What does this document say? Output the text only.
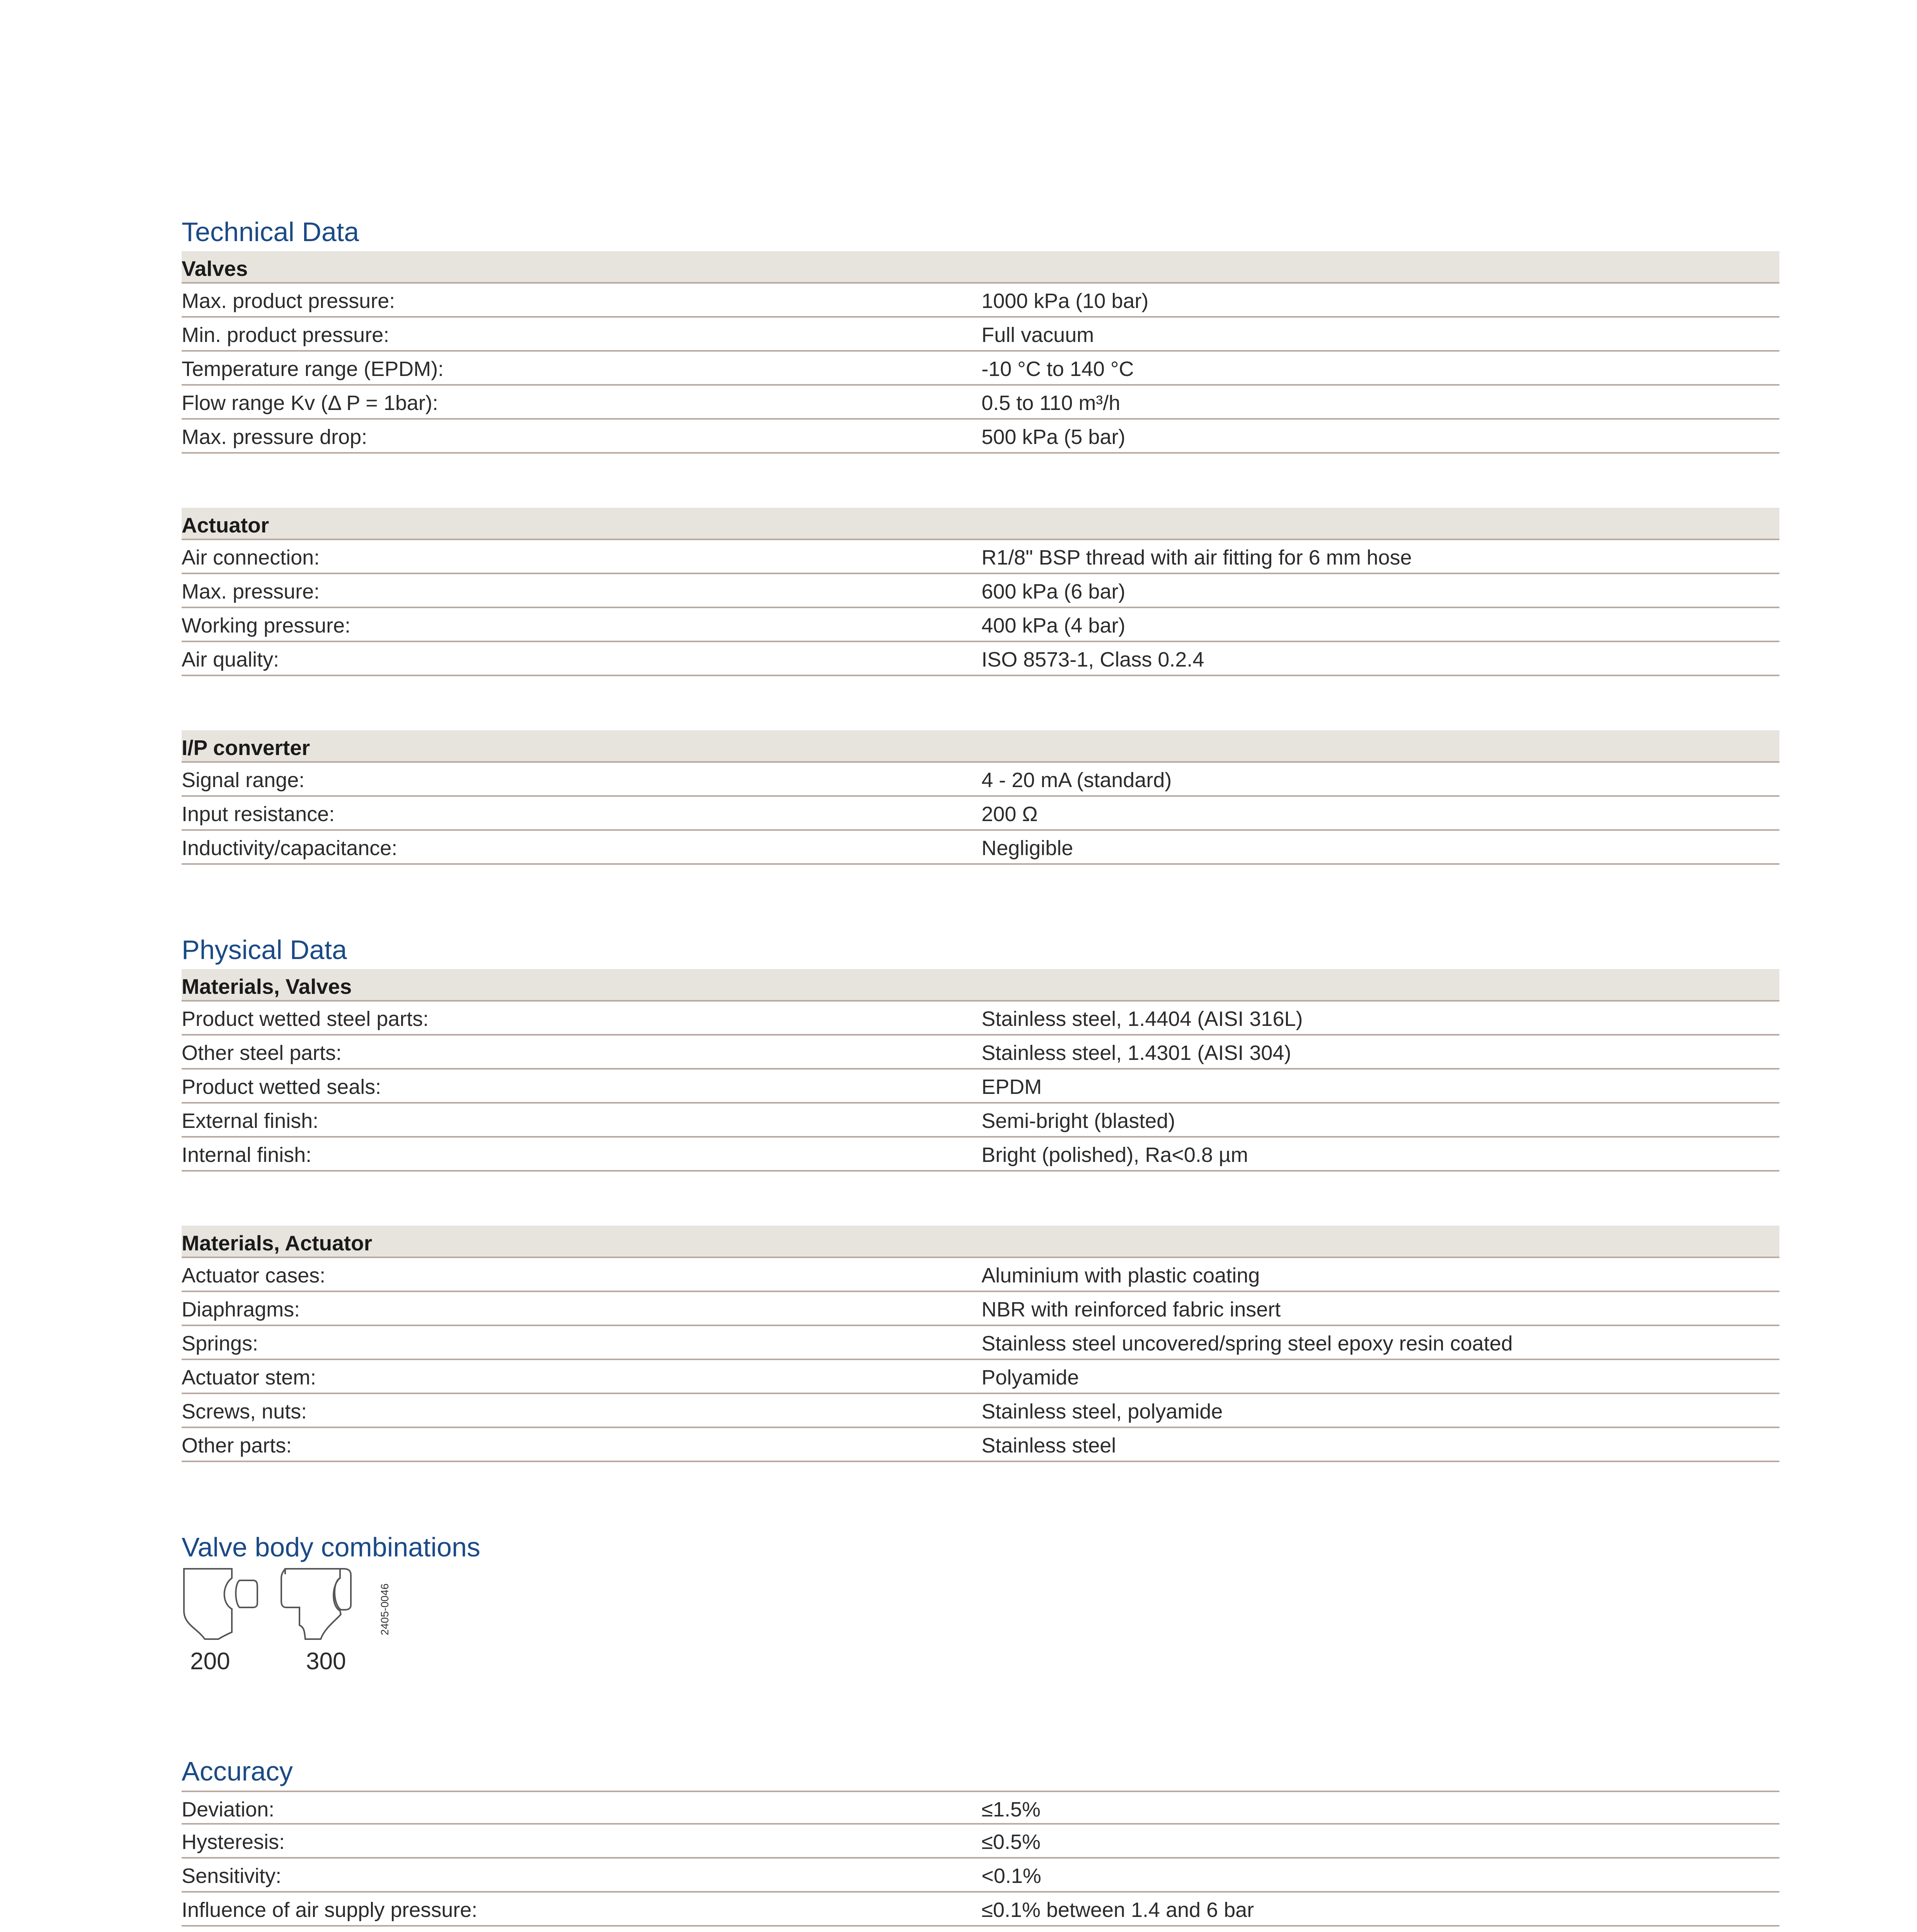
Technical Data
Valves
Max. product pressure:	1000 kPa (10 bar)
Min. product pressure:	Full vacuum
Temperature range (EPDM):	-10 °C to 140 °C
Flow range Kv (Δ P = 1bar):	0.5 to 110 m³/h
Max. pressure drop:	500 kPa (5 bar)
Actuator
Air connection:	R1/8" BSP thread with air fitting for 6 mm hose
Max. pressure:	600 kPa (6 bar)
Working pressure:	400 kPa (4 bar)
Air quality:	ISO 8573-1, Class 0.2.4
I/P converter
Signal range:	4 - 20 mA (standard)
Input resistance:	200 Ω
Inductivity/capacitance:	Negligible
Physical Data
Materials, Valves
Product wetted steel parts:	Stainless steel, 1.4404 (AISI 316L)
Other steel parts:	Stainless steel, 1.4301 (AISI 304)
Product wetted seals:	EPDM
External finish:	Semi-bright (blasted)
Internal finish:	Bright (polished), Ra<0.8 µm
Materials, Actuator
Actuator cases:	Aluminium with plastic coating
Diaphragms:	NBR with reinforced fabric insert
Springs:	Stainless steel uncovered/spring steel epoxy resin coated
Actuator stem:	Polyamide
Screws, nuts:	Stainless steel, polyamide
Other parts:	Stainless steel
Valve body combinations
200	300
2405-0046
Accuracy
Deviation:	≤1.5%
Hysteresis:	≤0.5%
Sensitivity:	<0.1%
Influence of air supply pressure:	≤0.1% between 1.4 and 6 bar
